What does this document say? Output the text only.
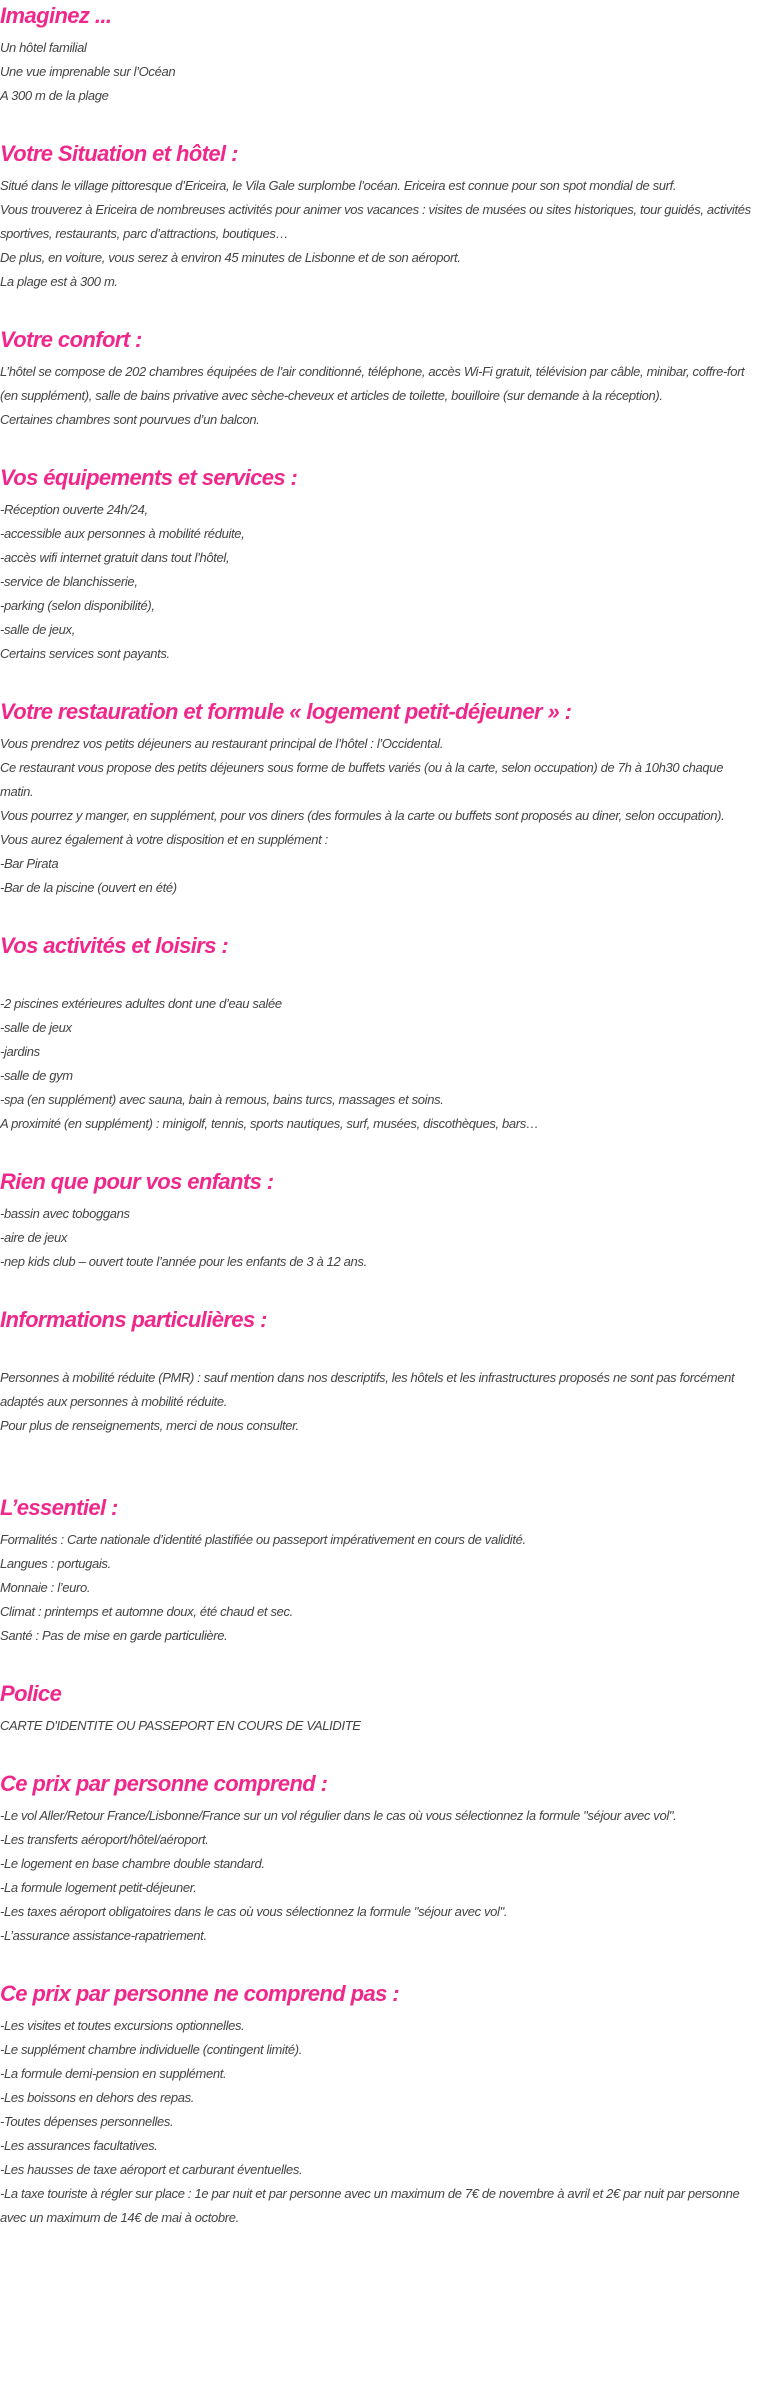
Imaginez ...

Un hôtel familial
Une vue imprenable sur l’Océan
A 300 m de la plage

Votre Situation et hôtel :

Situé dans le village pittoresque d’Ericeira, le Vila Gale surplombe l’océan. Ericeira est connue pour son spot mondial de surf.
Vous trouverez à Ericeira de nombreuses activités pour animer vos vacances : visites de musées ou sites historiques, tour guidés, activités sportives, restaurants, parc d’attractions, boutiques…
De plus, en voiture, vous serez à environ 45 minutes de Lisbonne et de son aéroport.
La plage est à 300 m.

Votre confort :

L’hôtel se compose de 202 chambres équipées de l’air conditionné, téléphone, accès Wi-Fi gratuit, télévision par câble, minibar, coffre-fort (en supplément), salle de bains privative avec sèche-cheveux et articles de toilette, bouilloire (sur demande à la réception).
Certaines chambres sont pourvues d’un balcon.

Vos équipements et services :

-Réception ouverte 24h/24,
-accessible aux personnes à mobilité réduite,
-accès wifi internet gratuit dans tout l’hôtel,
-service de blanchisserie,
-parking (selon disponibilité),
-salle de jeux,
Certains services sont payants.

Votre restauration et formule « logement petit-déjeuner » :

Vous prendrez vos petits déjeuners au restaurant principal de l’hôtel : l’Occidental.
Ce restaurant vous propose des petits déjeuners sous forme de buffets variés (ou à la carte, selon occupation) de 7h à 10h30 chaque matin.
Vous pourrez y manger, en supplément, pour vos diners (des formules à la carte ou buffets sont proposés au diner, selon occupation).
Vous aurez également à votre disposition et en supplément :
-Bar Pirata
-Bar de la piscine (ouvert en été)

Vos activités et loisirs :

-2 piscines extérieures adultes dont une d’eau salée
-salle de jeux
-jardins
-salle de gym
-spa (en supplément) avec sauna, bain à remous, bains turcs, massages et soins.
A proximité (en supplément) : minigolf, tennis, sports nautiques, surf, musées, discothèques, bars…

Rien que pour vos enfants :

-bassin avec toboggans
-aire de jeux
-nep kids club – ouvert toute l’année pour les enfants de 3 à 12 ans.

Informations particulières :

Personnes à mobilité réduite (PMR) : sauf mention dans nos descriptifs, les hôtels et les infrastructures proposés ne sont pas forcément adaptés aux personnes à mobilité réduite.
Pour plus de renseignements, merci de nous consulter.

L’essentiel :

Formalités : Carte nationale d’identité plastifiée ou passeport impérativement en cours de validité.
Langues : portugais.
Monnaie : l’euro.
Climat : printemps et automne doux, été chaud et sec.
Santé : Pas de mise en garde particulière.

Police

CARTE D'IDENTITE OU PASSEPORT EN COURS DE VALIDITE

Ce prix par personne comprend :

-Le vol Aller/Retour France/Lisbonne/France sur un vol régulier dans le cas où vous sélectionnez la formule "séjour avec vol".
-Les transferts aéroport/hôtel/aéroport.
-Le logement en base chambre double standard.
-La formule logement petit-déjeuner.
-Les taxes aéroport obligatoires dans le cas où vous sélectionnez la formule "séjour avec vol".
-L’assurance assistance-rapatriement.

Ce prix par personne ne comprend pas :

-Les visites et toutes excursions optionnelles.
-Le supplément chambre individuelle (contingent limité).
-La formule demi-pension en supplément.
-Les boissons en dehors des repas.
-Toutes dépenses personnelles.
-Les assurances facultatives.
-Les hausses de taxe aéroport et carburant éventuelles.
-La taxe touriste à régler sur place : 1e par nuit et par personne avec un maximum de 7€ de novembre à avril et 2€ par nuit par personne avec un maximum de 14€ de mai à octobre.
